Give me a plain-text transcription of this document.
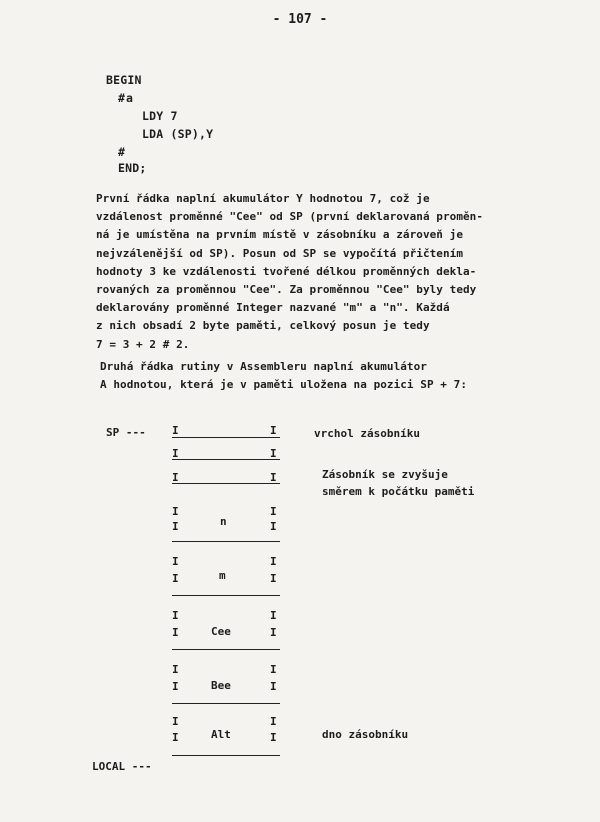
- 107 -
BEGIN
# a
LDY 7
LDA (SP),Y
#
END;
První řádka naplní akumulátor Y hodnotou 7, což je
vzdálenost proměnné "Cee" od SP (první deklarovaná proměn-
ná je umístěna na prvním místě v zásobníku a zároveň je
nejvzálenější od SP). Posun od SP se vypočítá přičtením
hodnoty 3 ke vzdálenosti tvořené délkou proměnných dekla-
rovaných za proměnnou "Cee". Za proměnnou "Cee" byly tedy
deklarovány proměnné Integer nazvané "m" a "n". Každá
z nich obsadí 2 byte paměti, celkový posun je tedy
7 = 3 + 2 # 2.
Druhá řádka rutiny v Assembleru naplní akumulátor
A hodnotou, která je v paměti uložena na pozici SP + 7:
SP ---	vrchol zásobníku
Zásobník se zvyšuje
směrem k počátku paměti
I
I
I
I
I
I
I
I
I
I
I
I
I
I
I
I
I
I
I
I
I
I
I
I
I
I
n
m
Cee
Bee
Alt	dno zásobníku
LOCAL ---
